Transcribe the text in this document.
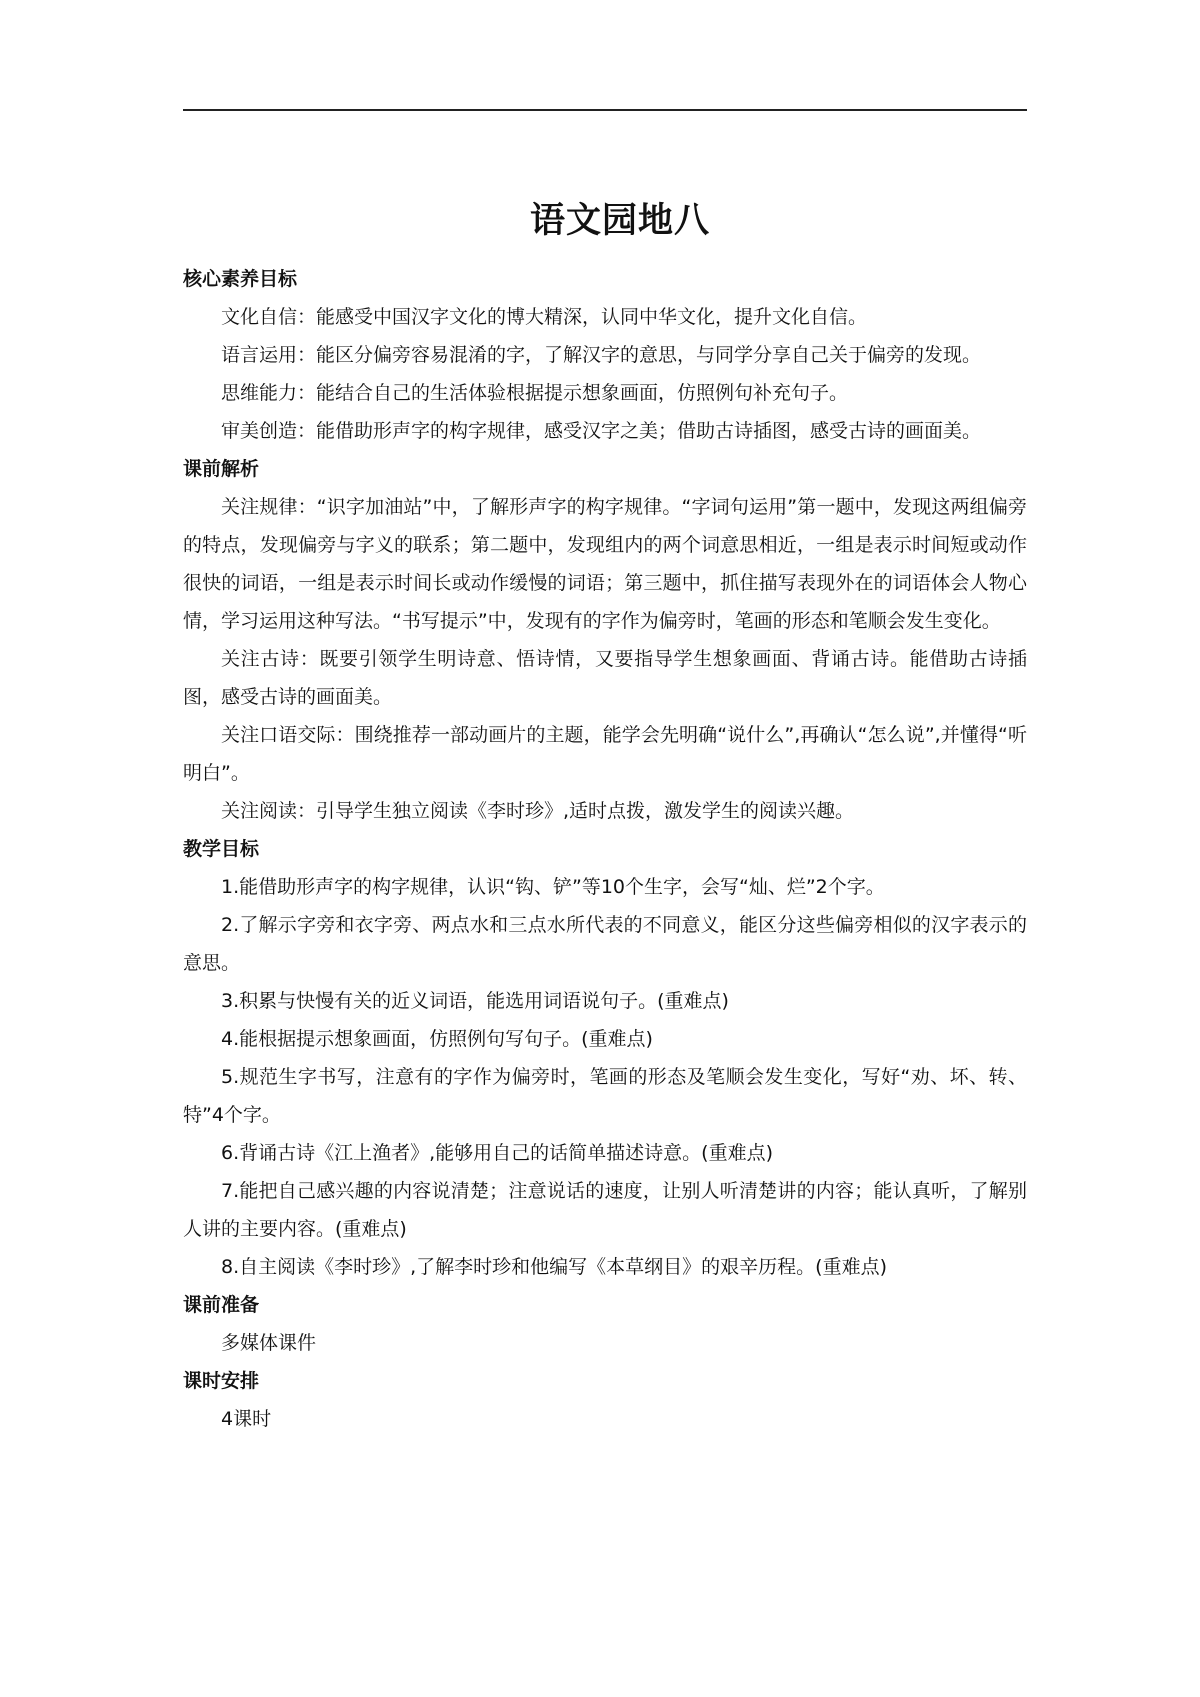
语文园地八
核心素养目标

文化自信：能感受中国汉字文化的博大精深，认同中华文化，提升文化自信。

语言运用：能区分偏旁容易混淆的字，了解汉字的意思，与同学分享自己关于偏旁的发现。

思维能力：能结合自己的生活体验根据提示想象画面，仿照例句补充句子。

审美创造：能借助形声字的构字规律，感受汉字之美；借助古诗插图，感受古诗的画面美。

课前解析

关注规律：“识字加油站”中，了解形声字的构字规律。“字词句运用”第一题中，发现这两组偏旁的特点，发现偏旁与字义的联系；第二题中，发现组内的两个词意思相近，一组是表示时间短或动作很快的词语，一组是表示时间长或动作缓慢的词语；第三题中，抓住描写表现外在的词语体会人物心情，学习运用这种写法。“书写提示”中，发现有的字作为偏旁时，笔画的形态和笔顺会发生变化。

关注古诗：既要引领学生明诗意、悟诗情，又要指导学生想象画面、背诵古诗。能借助古诗插图，感受古诗的画面美。

关注口语交际：围绕推荐一部动画片的主题，能学会先明确“说什么”,再确认“怎么说”,并懂得“听明白”。

关注阅读：引导学生独立阅读《李时珍》,适时点拨，激发学生的阅读兴趣。

教学目标

1.能借助形声字的构字规律，认识“钩、铲”等10个生字，会写“灿、烂”2个字。

2.了解示字旁和衣字旁、两点水和三点水所代表的不同意义，能区分这些偏旁相似的汉字表示的意思。

3.积累与快慢有关的近义词语，能选用词语说句子。(重难点)

4.能根据提示想象画面，仿照例句写句子。(重难点)

5.规范生字书写，注意有的字作为偏旁时，笔画的形态及笔顺会发生变化，写好“劝、坏、转、特”4个字。

6.背诵古诗《江上渔者》,能够用自己的话简单描述诗意。(重难点)

7.能把自己感兴趣的内容说清楚；注意说话的速度，让别人听清楚讲的内容；能认真听，了解别人讲的主要内容。(重难点)

8.自主阅读《李时珍》,了解李时珍和他编写《本草纲目》的艰辛历程。(重难点)

课前准备

多媒体课件

课时安排

4课时
